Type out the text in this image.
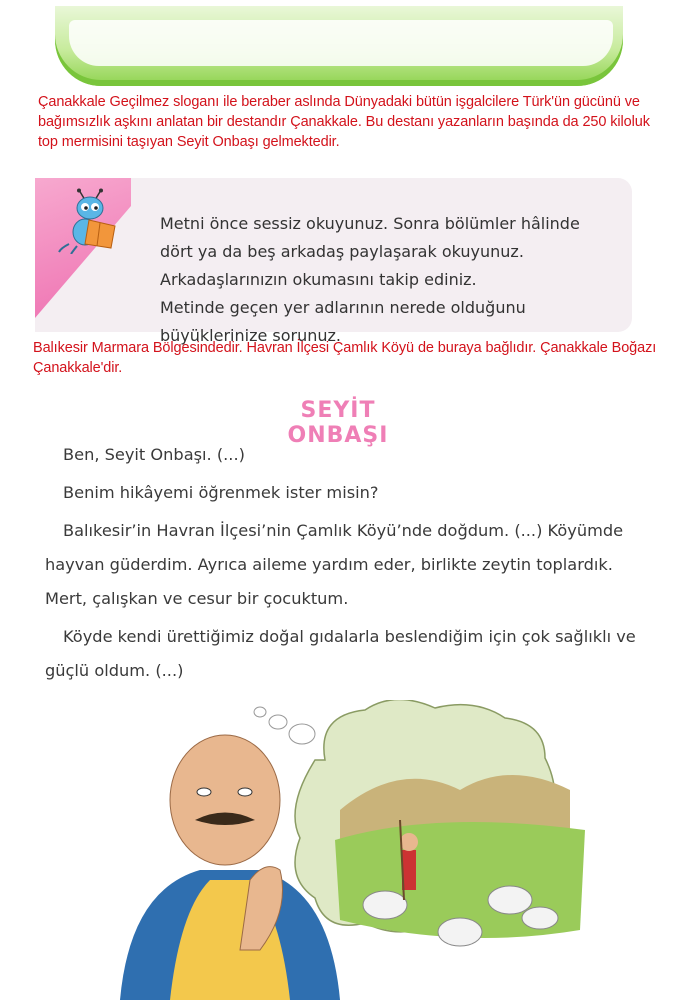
Çanakkale Geçilmez sloganı ile beraber aslında Dünyadaki bütün işgalcilere Türk'ün gücünü ve bağımsızlık aşkını anlatan bir destandır Çanakkale. Bu destanı yazanların başında da 250 kiloluk top mermisini taşıyan Seyit Onbaşı gelmektedir.

Metni önce sessiz okuyunuz. Sonra bölümler hâlinde dört ya da beş arkadaş paylaşarak okuyunuz. Arkadaşlarınızın okumasını takip ediniz.

Metinde geçen yer adlarının nerede olduğunu büyüklerinize sorunuz.

Balıkesir Marmara Bölgesindedir. Havran İlçesi Çamlık Köyü de buraya bağlıdır. Çanakkale Boğazı Çanakkale'dir.
SEYİT ONBAŞI

Ben, Seyit Onbaşı. (...)

Benim hikâyemi öğrenmek ister misin?

Balıkesir’in Havran İlçesi’nin Çamlık Köyü’nde doğdum. (...) Köyümde hayvan güderdim. Ayrıca aileme yardım eder, birlikte zeytin toplardık. Mert, çalışkan ve cesur bir çocuktum.

Köyde kendi ürettiğimiz doğal gıdalarla beslendiğim için çok sağlıklı ve güçlü oldum. (...)
